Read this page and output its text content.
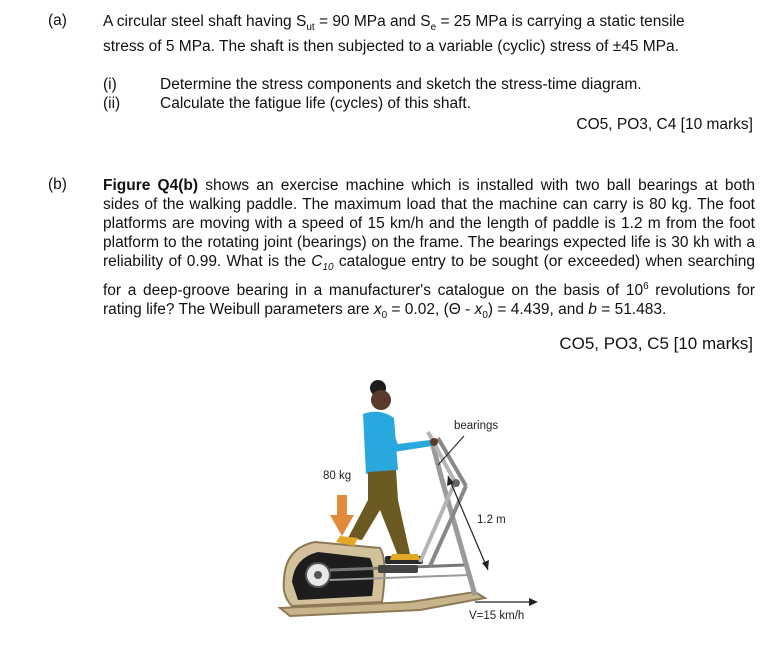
(a) A circular steel shaft having $S_{ut} = 90$ MPa and $S_e = 25$ MPa is carrying a static tensile
stress of 5 MPa. The shaft is then subjected to a variable (cyclic) stress of ±45 MPa.
(i)	Determine the stress components and sketch the stress-time diagram.
(ii)	Calculate the fatigue life (cycles) of this shaft.
CO5, PO3, C4 [10 marks]
(b) Figure Q4(b) shows an exercise machine which is installed with two ball bearings at both sides of the walking paddle. The maximum load that the machine can carry is 80 kg. The foot platforms are moving with a speed of 15 km/h and the length of paddle is 1.2 m from the foot platform to the rotating joint (bearings) on the frame. The bearings expected life is 30 kh with a reliability of 0.99. What is the $C_{10}$ catalogue entry to be sought (or exceeded) when searching for a deep-groove bearing in a manufacturer's catalogue on the basis of $10^6$ revolutions for rating life? The Weibull parameters are $x_0 = 0.02$, $(\Theta - x_0) = 4.439$, and b = 51.483.
CO5, PO3, C5 [10 marks]
bearings
80 kg
1.2 m
V=15 km/h
